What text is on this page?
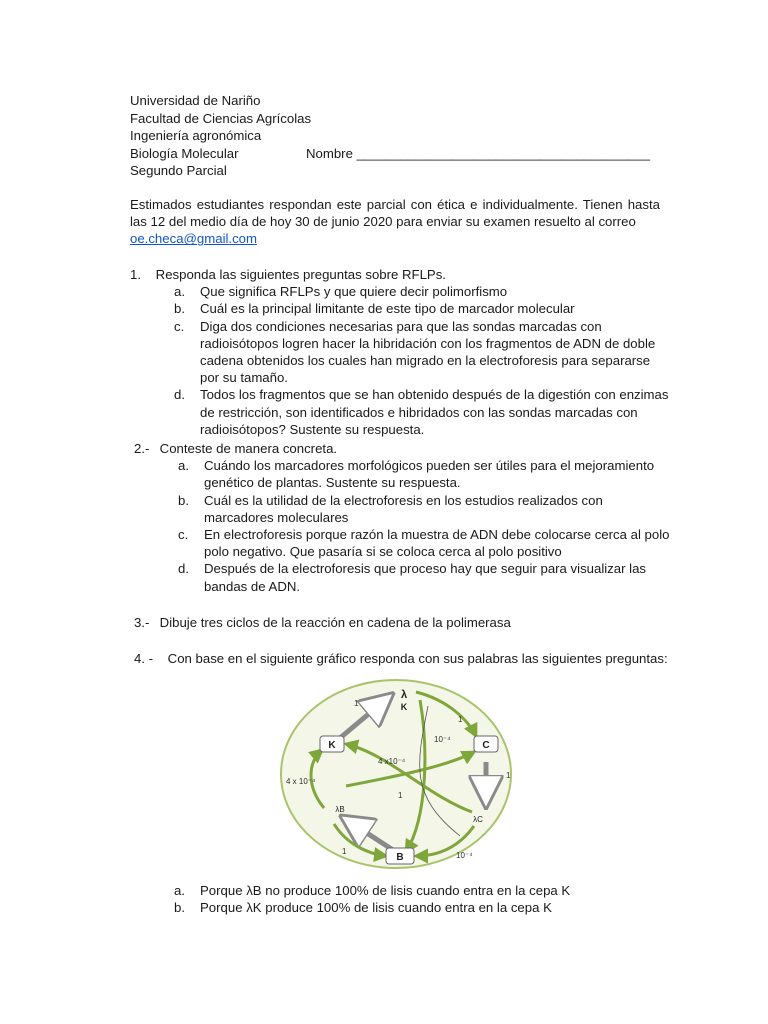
Universidad de Nariño
Facultad de Ciencias Agrícolas
Ingeniería agronómica
Biología Molecular	Nombre ________________________________________
Segundo Parcial

Estimados estudiantes respondan este parcial con ética e individualmente. Tienen hasta las 12 del medio día de hoy 30 de junio 2020 para enviar su examen resuelto al correo

oe.checa@gmail.com

1. Responda las siguientes preguntas sobre RFLPs.
a. Que significa RFLPs y que quiere decir polimorfismo
b. Cuál es la principal limitante de este tipo de marcador molecular
c. Diga dos condiciones necesarias para que las sondas marcadas con radioisótopos logren hacer la hibridación con los fragmentos de ADN de doble cadena obtenidos los cuales han migrado en la electroforesis para separarse por su tamaño.
d. Todos los fragmentos que se han obtenido después de la digestión con enzimas de restricción, son identificados e hibridados con las sondas marcadas con radioisótopos? Sustente su respuesta.
2.- Conteste de manera concreta.
a. Cuándo los marcadores morfológicos pueden ser útiles para el mejoramiento genético de plantas. Sustente su respuesta.
b. Cuál es la utilidad de la electroforesis en los estudios realizados con marcadores moleculares
c. En electroforesis porque razón la muestra de ADN debe colocarse cerca al polo polo negativo. Que pasaría si se coloca cerca al polo positivo
d. Después de la electroforesis que proceso hay que seguir para visualizar las bandas de ADN.
3.- Dibuje tres ciclos de la reacción en cadena de la polimerasa
4. - Con base en el siguiente gráfico responda con sus palabras las siguientes preguntas:
K	C
B
λ
K
λB
λC
1
1
10⁻⁴
4 x10⁻⁴
4 x 10⁻⁴
1
1
1	10⁻⁴
a. Porque λB no produce 100% de lisis cuando entra en la cepa K
b. Porque λK produce 100% de lisis cuando entra en la cepa K
